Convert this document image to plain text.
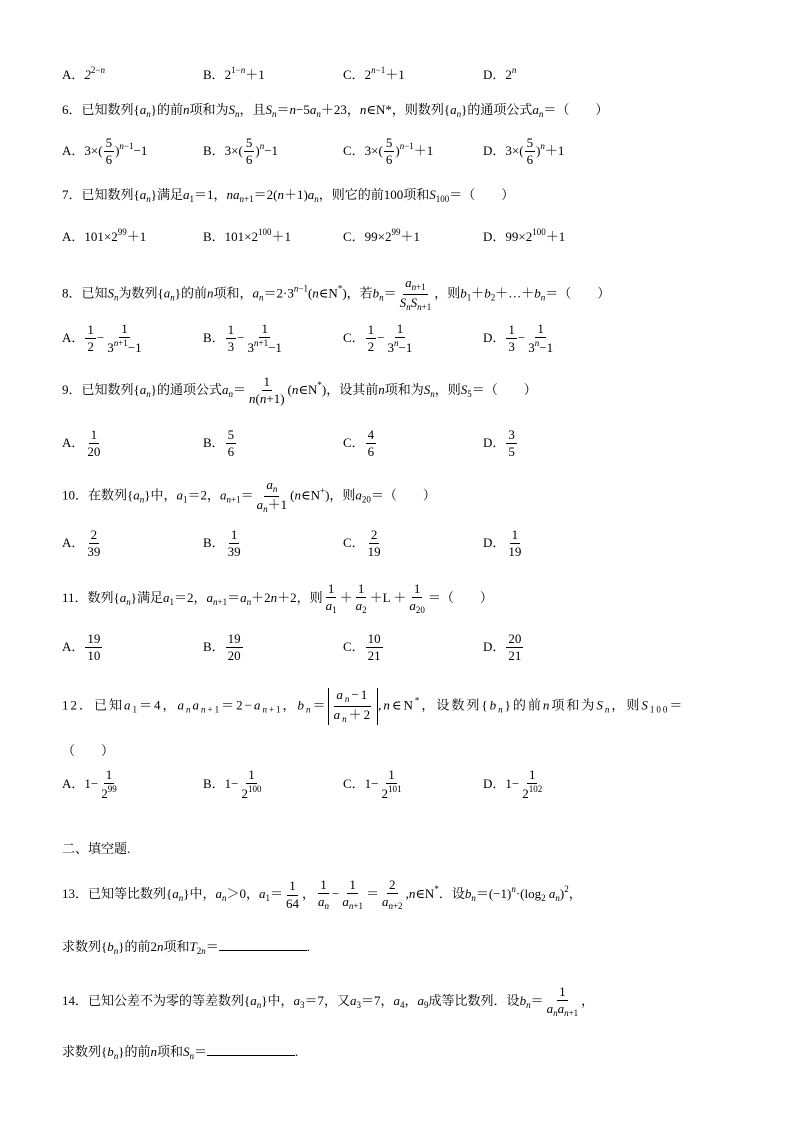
A．$2^{2-n}$	B．$2^{1-n}+1$	C．$2^{n-1}+1$	D．2$^n$
6．已知数列$\{a_n\}$的前n项和为$S_n$，且$S_n=n-5a_n+23$，n∈N*，则数列$\{a_n\}$的通项公式$a_n=$（　　）
A．$3\times( \frac{5}{6} )^{n-1}-1$	B．$3\times( \frac{5}{6} )^n-1$	C．$3\times( \frac{5}{6} )^{n-1}+1$	D．$3\times( \frac{5}{6} )^n+1$
7．已知数列$\{a_n\}$满足$a_1=1$，$na_{n+1}=2(n+1)a_n$，则它的前100项和$S_{100}=$（　　）
A．$101\times 2^{99}+1$	B．$101\times 2^{100}+1$	C．$99\times 2^{99}+1$	D．$99\times 2^{100}+1$
8．已知$S_n$为数列$\{a_n\}$的前n项和，$a_n=2\cdot 3^{n-1}(n\in N^*)$，若$b_n= \frac{a_{n+1}}{S_nS_{n+1}}$ ，则$b_1+b_2+\dots+b_n=$（　　）
A． $\frac{1}{2} - \frac{1}{3^{n+1}-1}$	B． $\frac{1}{3} - \frac{1}{3^{n+1}-1}$	C． $\frac{1}{2} - \frac{1}{3^n-1}$	D． $\frac{1}{3} - \frac{1}{3^n-1}$
9．已知数列$\{a_n\}$的通项公式$a_n= \frac{1}{n(n+1)}$ (n∈N*)，设其前n项和为$S_n$，则$S_5=$（　　）
A． $\frac{1}{20}$	B． $\frac{5}{6}$	C． $\frac{4}{6}$	D． $\frac{3}{5}$
10．在数列$\{a_n\}$中，$a_1=2$，$a_{n+1}= \frac{a_n}{a_n+1}$ (n∈N+)，则$a_{20}=$（　　）
A． $\frac{2}{39}$	B． $\frac{1}{39}$	C． $\frac{2}{19}$	D． $\frac{1}{19}$
11．数列$\{a_n\}$满足$a_1=2$，$a_{n+1}=a_n+2n+2$，则 $\frac{1}{a_1} + \frac{1}{a_2} +L + \frac{1}{a_{20}}$ ＝（　　）
A． $\frac{19}{10}$	B． $\frac{19}{20}$	C． $\frac{10}{21}$	D． $\frac{20}{21}$
12．已知$a_1=4$，$a_na_{n+1}=2-a_{n+1}$，$b_n= \frac{a_n-1}{a_n+2}$ ,n∈N*，设数列$\{b_n\}$的前n项和为$S_n$，则$S_{100}=$
（　　）
A．$1- \frac{1}{2^{99}}$	B．$1- \frac{1}{2^{100}}$	C．$1- \frac{1}{2^{101}}$	D．$1- \frac{1}{2^{102}}$
二、填空题.
13．已知等比数列$\{a_n\}$中，$a_n>0$，$a_1= \frac{1}{64}$ ， $\frac{1}{a_n} - \frac{1}{a_{n+1}} = \frac{2}{a_{n+2}}$ ,n∈N*．设$b_n=(-1)^n\cdot(\log_2$ $a_n)^2$，
求数列$\{b_n\}$的前2n项和$T_{2n}=$	.
14．已知公差不为零的等差数列$\{a_n\}$中，$a_3=7$，又$a_3=7$，$a_4$，$a_9$成等比数列．设$b_n= \frac{1}{a_na_{n+1}}$ ，
求数列$\{b_n\}$的前n项和$S_n=$	.
